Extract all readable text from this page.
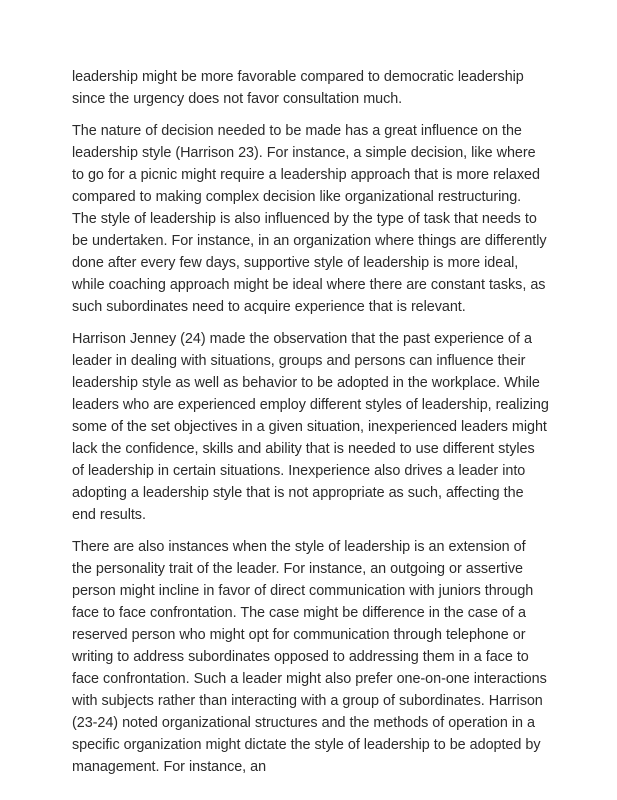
leadership might be more favorable compared to democratic leadership since the urgency does not favor consultation much.

The nature of decision needed to be made has a great influence on the leadership style (Harrison 23). For instance, a simple decision, like where to go for a picnic might require a leadership approach that is more relaxed compared to making complex decision like organizational restructuring. The style of leadership is also influenced by the type of task that needs to be undertaken. For instance, in an organization where things are differently done after every few days, supportive style of leadership is more ideal, while coaching approach might be ideal where there are constant tasks, as such subordinates need to acquire experience that is relevant.

Harrison Jenney (24) made the observation that the past experience of a leader in dealing with situations, groups and persons can influence their leadership style as well as behavior to be adopted in the workplace. While leaders who are experienced employ different styles of leadership, realizing some of the set objectives in a given situation, inexperienced leaders might lack the confidence, skills and ability that is needed to use different styles of leadership in certain situations. Inexperience also drives a leader into adopting a leadership style that is not appropriate as such, affecting the end results.

There are also instances when the style of leadership is an extension of the personality trait of the leader. For instance, an outgoing or assertive person might incline in favor of direct communication with juniors through face to face confrontation. The case might be difference in the case of a reserved person who might opt for communication through telephone or writing to address subordinates opposed to addressing them in a face to face confrontation. Such a leader might also prefer one-on-one interactions with subjects rather than interacting with a group of subordinates. Harrison (23-24) noted organizational structures and the methods of operation in a specific organization might dictate the style of leadership to be adopted by management. For instance, an
